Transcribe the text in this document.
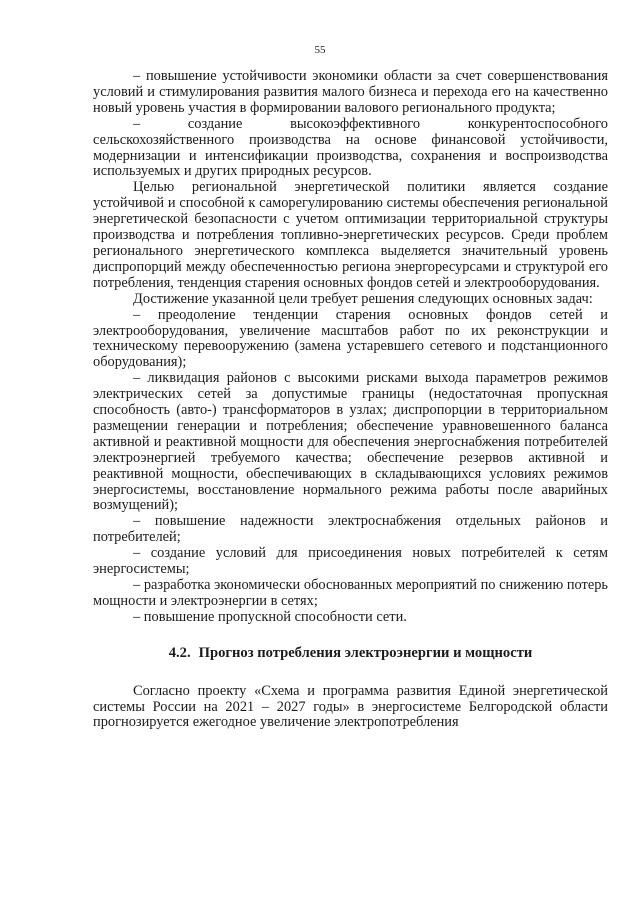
55

– повышение устойчивости экономики области за счет совершенствования условий и стимулирования развития малого бизнеса и перехода его на качественно новый уровень участия в формировании валового регионального продукта;

– создание высокоэффективного конкурентоспособного сельскохозяйственного производства на основе финансовой устойчивости, модернизации и интенсификации производства, сохранения и воспроизводства используемых и других природных ресурсов.

Целью региональной энергетической политики является создание устойчивой и способной к саморегулированию системы обеспечения региональной энергетической безопасности с учетом оптимизации территориальной структуры производства и потребления топливно-энергетических ресурсов. Среди проблем регионального энергетического комплекса выделяется значительный уровень диспропорций между обеспеченностью региона энергоресурсами и структурой его потребления, тенденция старения основных фондов сетей и электрооборудования.

Достижение указанной цели требует решения следующих основных задач:

– преодоление тенденции старения основных фондов сетей и электрооборудования, увеличение масштабов работ по их реконструкции и техническому перевооружению (замена устаревшего сетевого и подстанционного оборудования);

– ликвидация районов с высокими рисками выхода параметров режимов электрических сетей за допустимые границы (недостаточная пропускная способность (авто-) трансформаторов в узлах; диспропорции в территориальном размещении генерации и потребления; обеспечение уравновешенного баланса активной и реактивной мощности для обеспечения энергоснабжения потребителей электроэнергией требуемого качества; обеспечение резервов активной и реактивной мощности, обеспечивающих в складывающихся условиях режимов энергосистемы, восстановление нормального режима работы после аварийных возмущений);

– повышение надежности электроснабжения отдельных районов и потребителей;

– создание условий для присоединения новых потребителей к сетям энергосистемы;

– разработка экономически обоснованных мероприятий по снижению потерь мощности и электроэнергии в сетях;

– повышение пропускной способности сети.

4.2. Прогноз потребления электроэнергии и мощности

Согласно проекту «Схема и программа развития Единой энергетической системы России на 2021 – 2027 годы» в энергосистеме Белгородской области прогнозируется ежегодное увеличение электропотребления
